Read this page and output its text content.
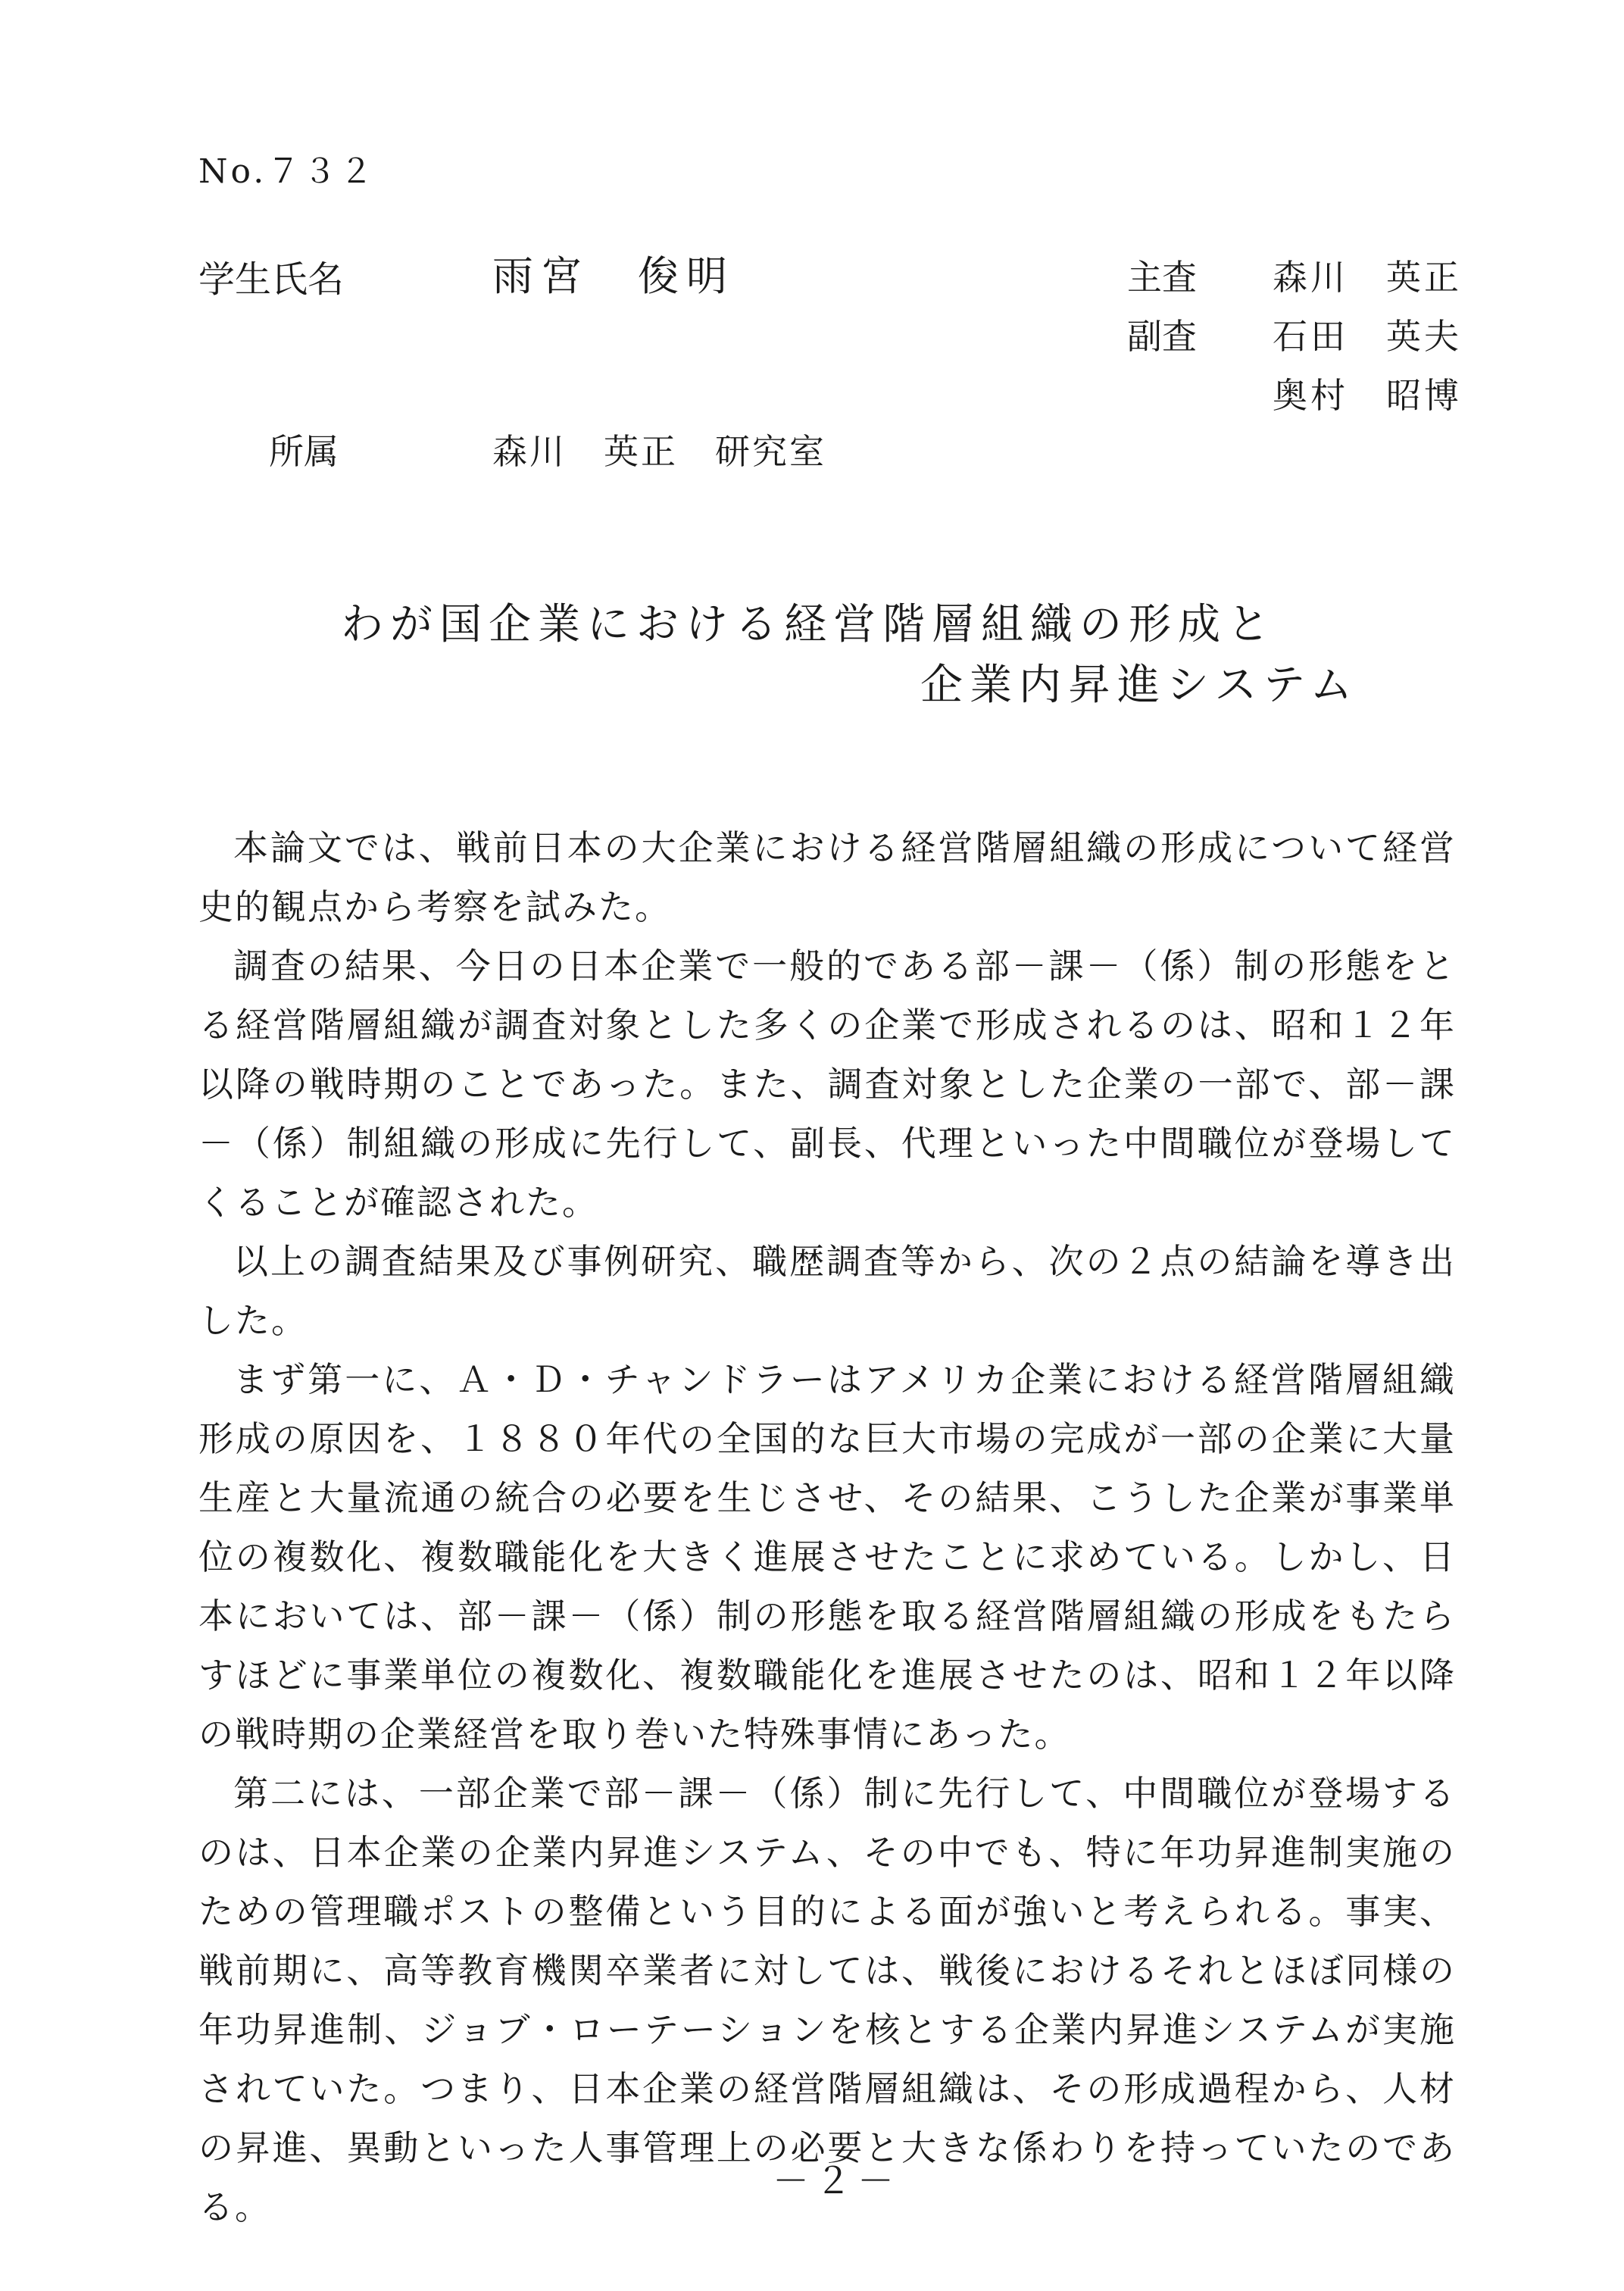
No.７３２
学生氏名	雨宮　俊明	主査 森川　英正
副査 石田　英夫
奥村　昭博
所属	森川　英正　研究室
わが国企業における経営階層組織の形成と
企業内昇進システム

本論文では、戦前日本の大企業における経営階層組織の形成について経営史的観点から考察を試みた。

調査の結果、今日の日本企業で一般的である部－課－（係）制の形態をとる経営階層組織が調査対象とした多くの企業で形成されるのは、昭和１２年以降の戦時期のことであった。また、調査対象とした企業の一部で、部－課－（係）制組織の形成に先行して、副長、代理といった中間職位が登場してくることが確認された。

以上の調査結果及び事例研究、職歴調査等から、次の２点の結論を導き出した。

まず第一に、Ａ・Ｄ・チャンドラーはアメリカ企業における経営階層組織形成の原因を、１８８０年代の全国的な巨大市場の完成が一部の企業に大量生産と大量流通の統合の必要を生じさせ、その結果、こうした企業が事業単位の複数化、複数職能化を大きく進展させたことに求めている。しかし、日本においては、部－課－（係）制の形態を取る経営階層組織の形成をもたらすほどに事業単位の複数化、複数職能化を進展させたのは、昭和１２年以降の戦時期の企業経営を取り巻いた特殊事情にあった。

第二には、一部企業で部－課－（係）制に先行して、中間職位が登場するのは、日本企業の企業内昇進システム、その中でも、特に年功昇進制実施のための管理職ポストの整備という目的による面が強いと考えられる。事実、戦前期に、高等教育機関卒業者に対しては、戦後におけるそれとほぼ同様の年功昇進制、ジョブ・ローテーションを核とする企業内昇進システムが実施されていた。つまり、日本企業の経営階層組織は、その形成過程から、人材の昇進、異動といった人事管理上の必要と大きな係わりを持っていたのである。

－２－
